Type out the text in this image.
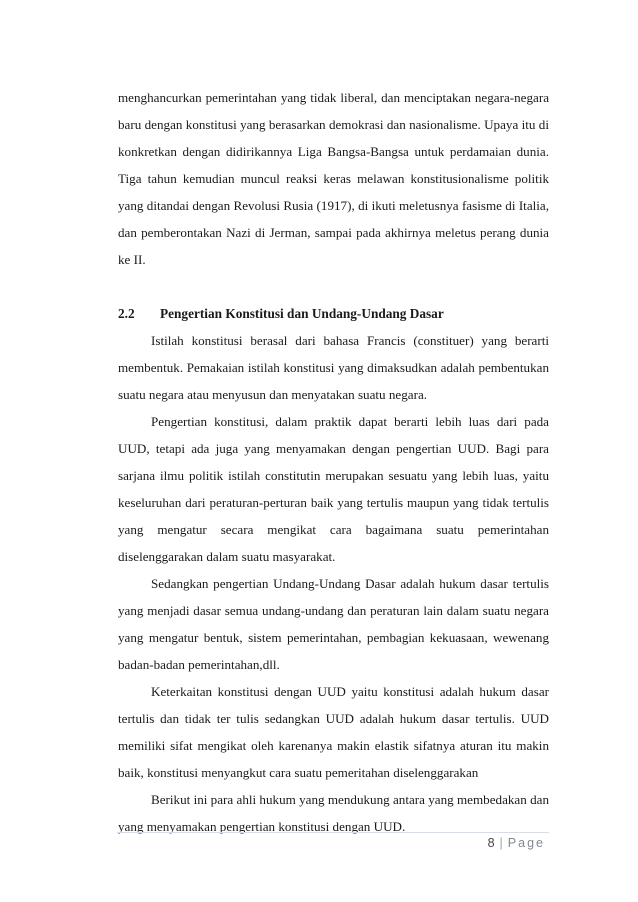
menghancurkan pemerintahan yang tidak liberal, dan menciptakan negara-negara baru dengan konstitusi yang berasarkan demokrasi dan nasionalisme. Upaya itu di konkretkan dengan didirikannya Liga Bangsa-Bangsa untuk perdamaian dunia. Tiga tahun kemudian muncul reaksi keras melawan konstitusionalisme politik yang ditandai dengan Revolusi Rusia (1917), di ikuti meletusnya fasisme di Italia, dan pemberontakan Nazi di Jerman, sampai pada akhirnya meletus perang dunia ke II.

2.2	Pengertian Konstitusi dan Undang-Undang Dasar

Istilah konstitusi berasal dari bahasa Francis (constituer) yang berarti membentuk. Pemakaian istilah konstitusi yang dimaksudkan adalah pembentukan suatu negara atau menyusun dan menyatakan suatu negara.

Pengertian konstitusi, dalam praktik dapat berarti lebih luas dari pada UUD, tetapi ada juga yang menyamakan dengan pengertian UUD. Bagi para sarjana ilmu politik istilah constitutin merupakan sesuatu yang lebih luas, yaitu keseluruhan dari peraturan-perturan baik yang tertulis maupun yang tidak tertulis yang mengatur secara mengikat cara bagaimana suatu pemerintahan diselenggarakan dalam suatu masyarakat.

Sedangkan pengertian Undang-Undang Dasar adalah hukum dasar tertulis yang menjadi dasar semua undang-undang dan peraturan lain dalam suatu negara yang mengatur bentuk, sistem pemerintahan, pembagian kekuasaan, wewenang badan-badan pemerintahan,dll.

Keterkaitan konstitusi dengan UUD yaitu konstitusi adalah hukum dasar tertulis dan tidak ter tulis sedangkan UUD adalah hukum dasar tertulis. UUD memiliki sifat mengikat oleh karenanya makin elastik sifatnya aturan itu makin baik, konstitusi menyangkut cara suatu pemeritahan diselenggarakan

Berikut ini para ahli hukum yang mendukung antara yang membedakan dan yang menyamakan pengertian konstitusi dengan UUD.

8 | Page
